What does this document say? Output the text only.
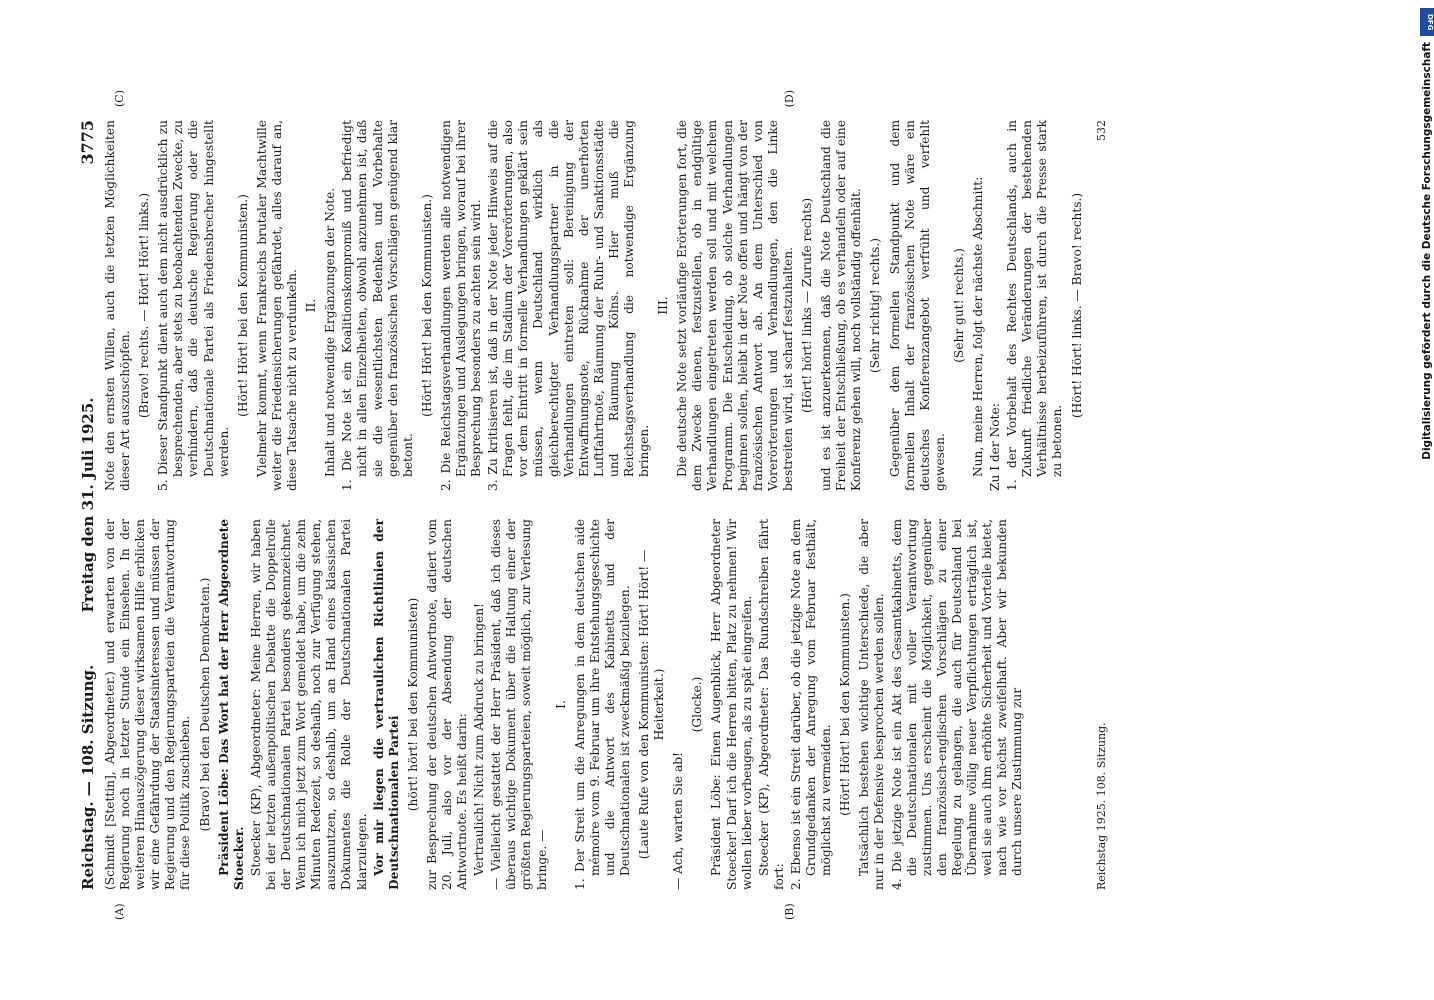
Reichstag. — 108. Sitzung.
Freitag den 31. Juli 1925.
3775
(A)	(B)
(C)	(D)

(Schmidt [Stettin], Abgeordneter.) und erwarten von der Regierung noch in letzter Stunde ein Einsehen. In der weiteren Hinauszögerung dieser wirksamen Hilfe erblicken wir eine Gefährdung der Staatsinteressen und müssen der Regierung und den Regierungsparteien die Verantwortung für diese Politik zuschieben. (Bravo! bei den Deutschen Demokraten.) Präsident Löbe: Das Wort hat der Herr Abgeordnete Stoecker. Stoecker (KP), Abgeordneter: Meine Herren, wir haben bei der letzten außenpolitischen Debatte die Doppelrolle der Deutschnationalen Partei besonders gekennzeichnet. Wenn ich mich jetzt zum Wort gemeldet habe, um die zehn Minuten Redezeit, so deshalb, noch zur Verfügung stehen, auszunutzen, so deshalb, um an Hand eines klassischen Dokumentes die Rolle der Deutschnationalen Partei klarzulegen. Vor mir liegen die vertraulichen Richtlinien der Deutschnationalen Partei (hört! hört! bei den Kommunisten) zur Besprechung der deutschen Antwortnote, datiert vom 20. Juli, also vor der Absendung der deutschen Antwortnote. Es heißt darin: Vertraulich! Nicht zum Abdruck zu bringen! — Vielleicht gestattet der Herr Präsident, daß ich dieses überaus wichtige Dokument über die Haltung einer der größten Regierungsparteien, soweit möglich, zur Verlesung bringe. —

I. 1. Der Streit um die Anregungen in dem deutschen aide mémoire vom 9. Februar um ihre Entstehungsgeschichte und die Antwort des Kabinetts und der Deutschnationalen ist zweckmäßig beizulegen. (Laute Rufe von den Kommunisten: Hört! Hört! — Heiterkeit.)

— Ach, warten Sie ab!

(Glocke.) Präsident Löbe: Einen Augenblick, Herr Abgeordneter Stoecker! Darf ich die Herren bitten, Platz zu nehmen! Wir wollen lieber vorbeugen, als zu spät eingreifen. Stoecker (KP), Abgeordneter: Das Rundschreiben fährt fort: 2. Ebenso ist ein Streit darüber, ob die jetzige Note an dem Grundgedanken der Anregung vom Februar festhält, möglichst zu vermeiden. (Hört! Hört! bei den Kommunisten.) Tatsächlich bestehen wichtige Unterschiede, die aber nur in der Defensive besprochen werden sollen. 4. Die jetzige Note ist ein Akt des Gesamtkabinetts, dem die Deutschnationalen mit voller Verantwortung zustimmen. Uns erscheint die Möglichkeit, gegenüber den französisch-englischen Vorschlägen zu einer Regelung zu gelangen, die auch für Deutschland bei Übernahme völlig neuer Verpflichtungen erträglich ist, weil sie auch ihm erhöhte Sicherheit und Vorteile bietet, nach wie vor höchst zweifelhaft. Aber wir bekunden durch unsere Zustimmung zur

Note den ernsten Willen, auch die letzten Möglichkeiten dieser Art auszuschöpfen. (Bravo! rechts. — Hört! Hört! links.) 5. Dieser Standpunkt dient auch dem nicht ausdrücklich zu besprechenden, aber stets zu beobachtenden Zwecke, zu verhindern, daß die deutsche Regierung oder die Deutschnationale Partei als Friedensbrecher hingestellt werden.

(Hört! Hört! bei den Kommunisten.) Vielmehr kommt, wenn Frankreichs brutaler Machtwille weiter die Friedensicherungen gefährdet, alles darauf an, diese Tatsache nicht zu verdunkeln. II. Inhalt und notwendige Ergänzungen der Note. 1. Die Note ist ein Koalitionskompromiß und befriedigt nicht in allen Einzelheiten, obwohl anzunehmen ist, daß sie die wesentlichsten Bedenken und Vorbehalte gegenüber den französischen Vorschlägen genügend klar betont.

(Hört! Hört! bei den Kommunisten.) 2. Die Reichstagsverhandlungen werden alle notwendigen Ergänzungen und Auslegungen bringen, worauf bei ihrer Besprechung besonders zu achten sein wird. 3. Zu kritisieren ist, daß in der Note jeder Hinweis auf die Fragen fehlt, die im Stadium der Vorerörterungen, also vor dem Eintritt in formelle Verhandlungen geklärt sein müssen, wenn Deutschland wirklich als gleichberechtigter Verhandlungspartner in die Verhandlungen eintreten soll: Bereinigung der Entwaffnungsnote, Rücknahme der unerhörten Luftfahrtnote, Räumung der Ruhr- und Sanktionsstädte und Räumung Kölns. Hier muß die Reichstagsverhandlung die notwendige Ergänzung bringen.

III. Die deutsche Note setzt vorläufige Erörterungen fort, die dem Zwecke dienen, festzustellen, ob in endgültige Verhandlungen eingetreten werden soll und mit welchem Programm. Die Entscheidung, ob solche Verhandlungen beginnen sollen, bleibt in der Note offen und hängt von der französischen Antwort ab. An dem Unterschied von Vorerörterungen und Verhandlungen, den die Linke bestreiten wird, ist scharf festzuhalten. (Hört! hört! links — Zurufe rechts) und es ist anzuerkennen, daß die Note Deutschland die Freiheit der Entschließung, ob es verhandeln oder auf eine Konferenz gehen will, noch vollständig offenhält. (Sehr richtig! rechts.) Gegenüber dem formellen Standpunkt und dem formellen Inhalt der französischen Note wäre ein deutsches Konferenzangebot verfrüht und verfehlt gewesen.

(Sehr gut! rechts.) Nun, meine Herren, folgt der nächste Abschnitt: Zu I der Note: 1. der Vorbehalt des Rechtes Deutschlands, auch in Zukunft friedliche Veränderungen der bestehenden Verhältnisse herbeizuführen, ist durch die Presse stark zu betonen.

(Hört! Hört! links. — Bravo! rechts.)

Reichstag 1925. 108. Sitzung.
532
DFG
Digitalisierung gefördert durch die Deutsche Forschungsgemeinschaft
